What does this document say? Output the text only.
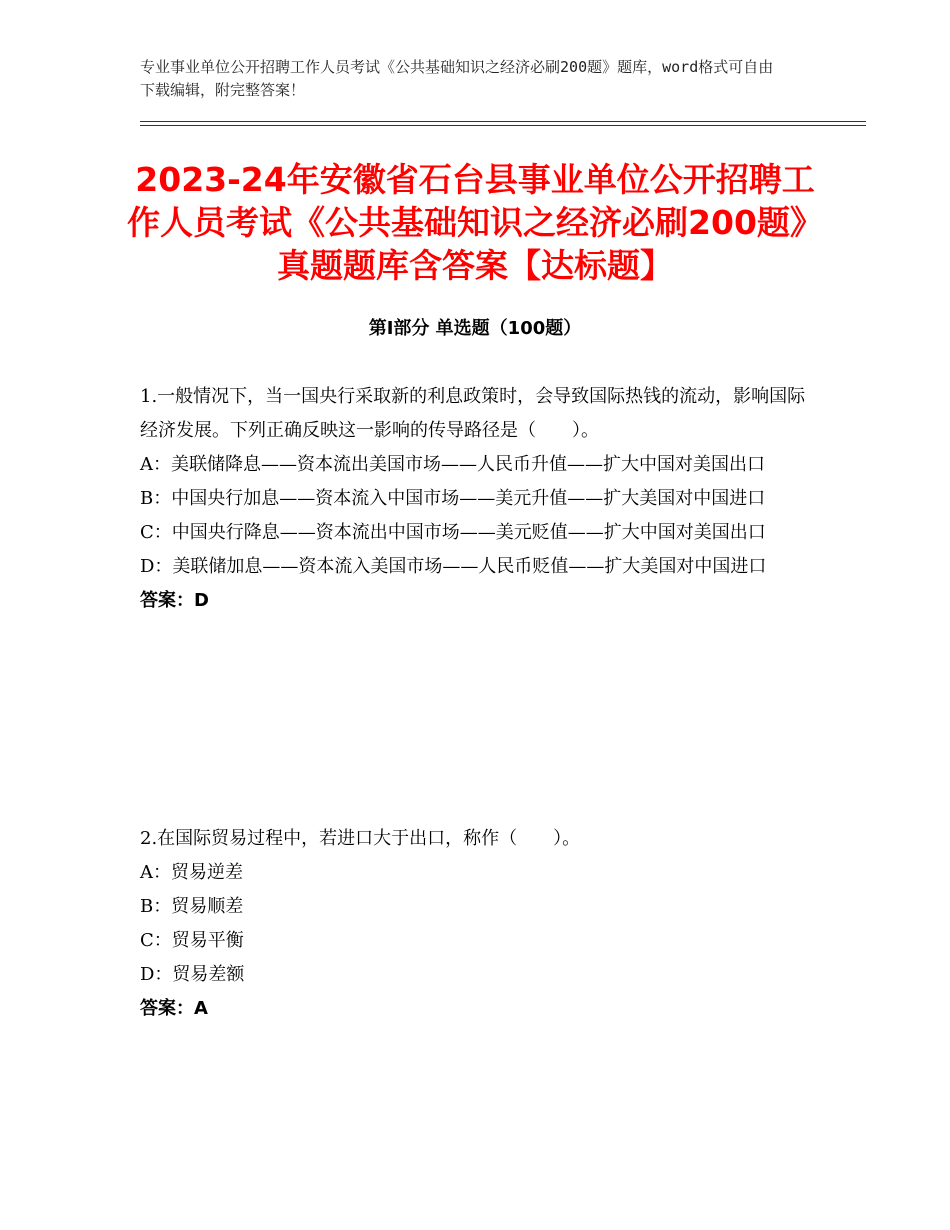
专业事业单位公开招聘工作人员考试《公共基础知识之经济必刷200题》题库，word格式可自由下载编辑，附完整答案！
2023-24年安徽省石台县事业单位公开招聘工作人员考试《公共基础知识之经济必刷200题》真题题库含答案【达标题】
第Ⅰ部分 单选题（100题）

1.一般情况下，当一国央行采取新的利息政策时，会导致国际热钱的流动，影响国际经济发展。下列正确反映这一影响的传导路径是（　　）。

A：美联储降息——资本流出美国市场——人民币升值——扩大中国对美国出口

B：中国央行加息——资本流入中国市场——美元升值——扩大美国对中国进口

C：中国央行降息——资本流出中国市场——美元贬值——扩大中国对美国出口

D：美联储加息——资本流入美国市场——人民币贬值——扩大美国对中国进口

答案：D

2.在国际贸易过程中，若进口大于出口，称作（　　）。

A：贸易逆差

B：贸易顺差

C：贸易平衡

D：贸易差额

答案：A
